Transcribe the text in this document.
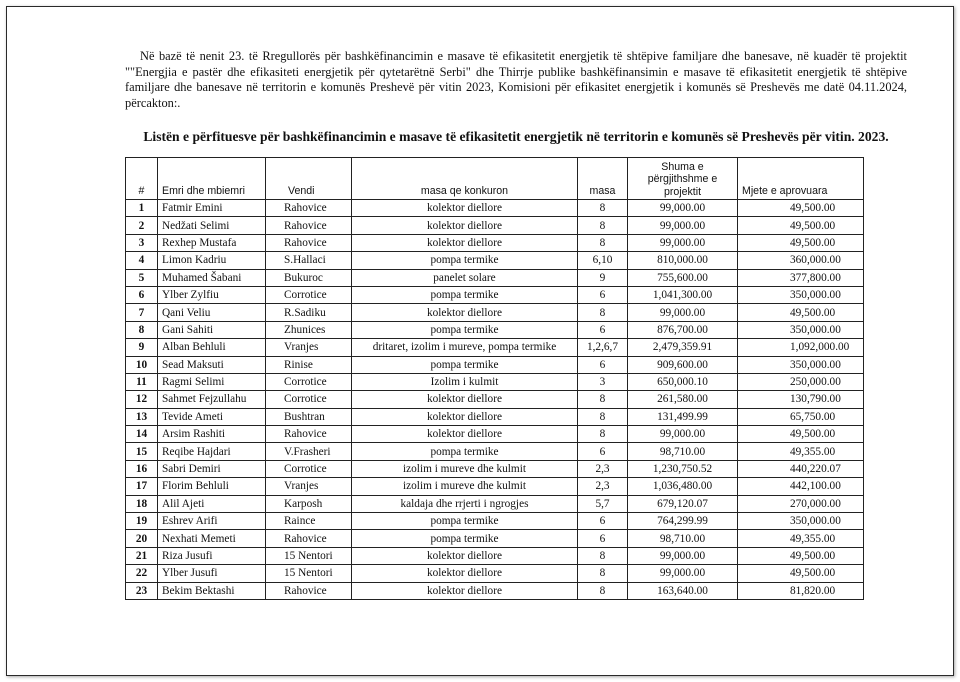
Në bazë të nenit 23. të Rregullorës për bashkëfinancimin e masave të efikasitetit energjetik të shtëpive familjare dhe banesave, në kuadër të projektit ""Energjia e pastër dhe efikasiteti energjetik për qytetarëtnë Serbi" dhe Thirrje publike bashkëfinansimin e masave të efikasitetit energjetik të shtëpive familjare dhe banesave në territorin e komunës Preshevë për vitin 2023, Komisioni për efikasitet energjetik i komunës së Preshevës me datë 04.11.2024, përcakton:.

Listën e përfituesve për bashkëfinancimin e masave të efikasitetit energjetik në territorin e komunës së Preshevës për vitin. 2023.

#	Emri dhe mbiemri	Vendi	masa qe konkuron	masa	Shuma e përgjithshme e projektit	Mjete e aprovuara
1	Fatmir Emini	Rahovice	kolektor diellore	8	99,000.00	49,500.00
2	Nedžati Selimi	Rahovice	kolektor diellore	8	99,000.00	49,500.00
3	Rexhep Mustafa	Rahovice	kolektor diellore	8	99,000.00	49,500.00
4	Limon Kadriu	S.Hallaci	pompa termike	6,10	810,000.00	360,000.00
5	Muhamed Šabani	Bukuroc	panelet solare	9	755,600.00	377,800.00
6	Ylber Zylfiu	Corrotice	pompa termike	6	1,041,300.00	350,000.00
7	Qani Veliu	R.Sadiku	kolektor diellore	8	99,000.00	49,500.00
8	Gani Sahiti	Zhunices	pompa termike	6	876,700.00	350,000.00
9	Alban Behluli	Vranjes	dritaret, izolim i mureve, pompa termike	1,2,6,7	2,479,359.91	1,092,000.00
10	Sead Maksuti	Rinise	pompa termike	6	909,600.00	350,000.00
11	Ragmi Selimi	Corrotice	Izolim i kulmit	3	650,000.10	250,000.00
12	Sahmet Fejzullahu	Corrotice	kolektor diellore	8	261,580.00	130,790.00
13	Tevide Ameti	Bushtran	kolektor diellore	8	131,499.99	65,750.00
14	Arsim Rashiti	Rahovice	kolektor diellore	8	99,000.00	49,500.00
15	Reqibe Hajdari	V.Frasheri	pompa termike	6	98,710.00	49,355.00
16	Sabri Demiri	Corrotice	izolim i mureve dhe kulmit	2,3	1,230,750.52	440,220.07
17	Florim Behluli	Vranjes	izolim i mureve dhe kulmit	2,3	1,036,480.00	442,100.00
18	Alil Ajeti	Karposh	kaldaja dhe rrjerti i ngrogjes	5,7	679,120.07	270,000.00
19	Eshrev Arifi	Raince	pompa termike	6	764,299.99	350,000.00
20	Nexhati Memeti	Rahovice	pompa termike	6	98,710.00	49,355.00
21	Riza Jusufi	15 Nentori	kolektor diellore	8	99,000.00	49,500.00
22	Ylber Jusufi	15 Nentori	kolektor diellore	8	99,000.00	49,500.00
23	Bekim Bektashi	Rahovice	kolektor diellore	8	163,640.00	81,820.00
